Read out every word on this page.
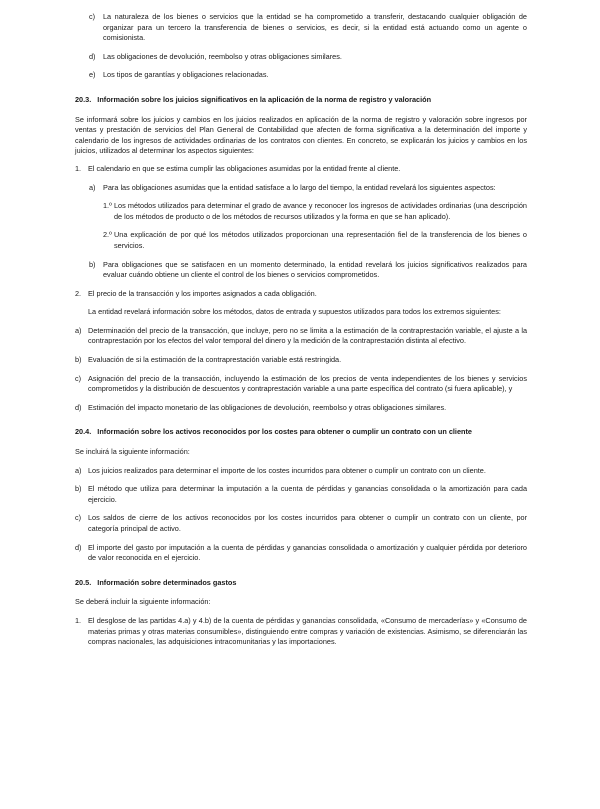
c)	La naturaleza de los bienes o servicios que la entidad se ha comprometido a transferir, destacando cualquier obligación de organizar para un tercero la transferencia de bienes o servicios, es decir, si la entidad está actuando como un agente o comisionista.
d)	Las obligaciones de devolución, reembolso y otras obligaciones similares.
e)	Los tipos de garantías y obligaciones relacionadas.

20.3.   Información sobre los juicios significativos en la aplicación de la norma de registro y valoración

Se informará sobre los juicios y cambios en los juicios realizados en aplicación de la norma de registro y valoración sobre ingresos por ventas y prestación de servicios del Plan General de Contabilidad que afecten de forma significativa a la determinación del importe y calendario de los ingresos de actividades ordinarias de los contratos con clientes. En concreto, se explicarán los juicios y cambios en los juicios, utilizados al determinar los aspectos siguientes:

1. El calendario en que se estima cumplir las obligaciones asumidas por la entidad frente al cliente.
a)	Para las obligaciones asumidas que la entidad satisface a lo largo del tiempo, la entidad revelará los siguientes aspectos:
1.º Los métodos utilizados para determinar el grado de avance y reconocer los ingresos de actividades ordinarias (una descripción de los métodos de producto o de los métodos de recursos utilizados y la forma en que se han aplicado).
2.º Una explicación de por qué los métodos utilizados proporcionan una representación fiel de la transferencia de los bienes o servicios.
b)	Para obligaciones que se satisfacen en un momento determinado, la entidad revelará los juicios significativos realizados para evaluar cuándo obtiene un cliente el control de los bienes o servicios comprometidos.
2. El precio de la transacción y los importes asignados a cada obligación.

La entidad revelará información sobre los métodos, datos de entrada y supuestos utilizados para todos los extremos siguientes:

a) Determinación del precio de la transacción, que incluye, pero no se limita a la estimación de la contraprestación variable, el ajuste a la contraprestación por los efectos del valor temporal del dinero y la medición de la contraprestación distinta al efectivo.
b) Evaluación de si la estimación de la contraprestación variable está restringida.
c) Asignación del precio de la transacción, incluyendo la estimación de los precios de venta independientes de los bienes y servicios comprometidos y la distribución de descuentos y contraprestación variable a una parte específica del contrato (si fuera aplicable), y
d) Estimación del impacto monetario de las obligaciones de devolución, reembolso y otras obligaciones similares.

20.4.   Información sobre los activos reconocidos por los costes para obtener o cumplir un contrato con un cliente

Se incluirá la siguiente información:

a) Los juicios realizados para determinar el importe de los costes incurridos para obtener o cumplir un contrato con un cliente.
b) El método que utiliza para determinar la imputación a la cuenta de pérdidas y ganancias consolidada o la amortización para cada ejercicio.
c) Los saldos de cierre de los activos reconocidos por los costes incurridos para obtener o cumplir un contrato con un cliente, por categoría principal de activo.
d) El importe del gasto por imputación a la cuenta de pérdidas y ganancias consolidada o amortización y cualquier pérdida por deterioro de valor reconocida en el ejercicio.

20.5.   Información sobre determinados gastos

Se deberá incluir la siguiente información:

1. El desglose de las partidas 4.a) y 4.b) de la cuenta de pérdidas y ganancias consolidada, «Consumo de mercaderías» y «Consumo de materias primas y otras materias consumibles», distinguiendo entre compras y variación de existencias. Asimismo, se diferenciarán las compras nacionales, las adquisiciones intracomunitarias y las importaciones.
